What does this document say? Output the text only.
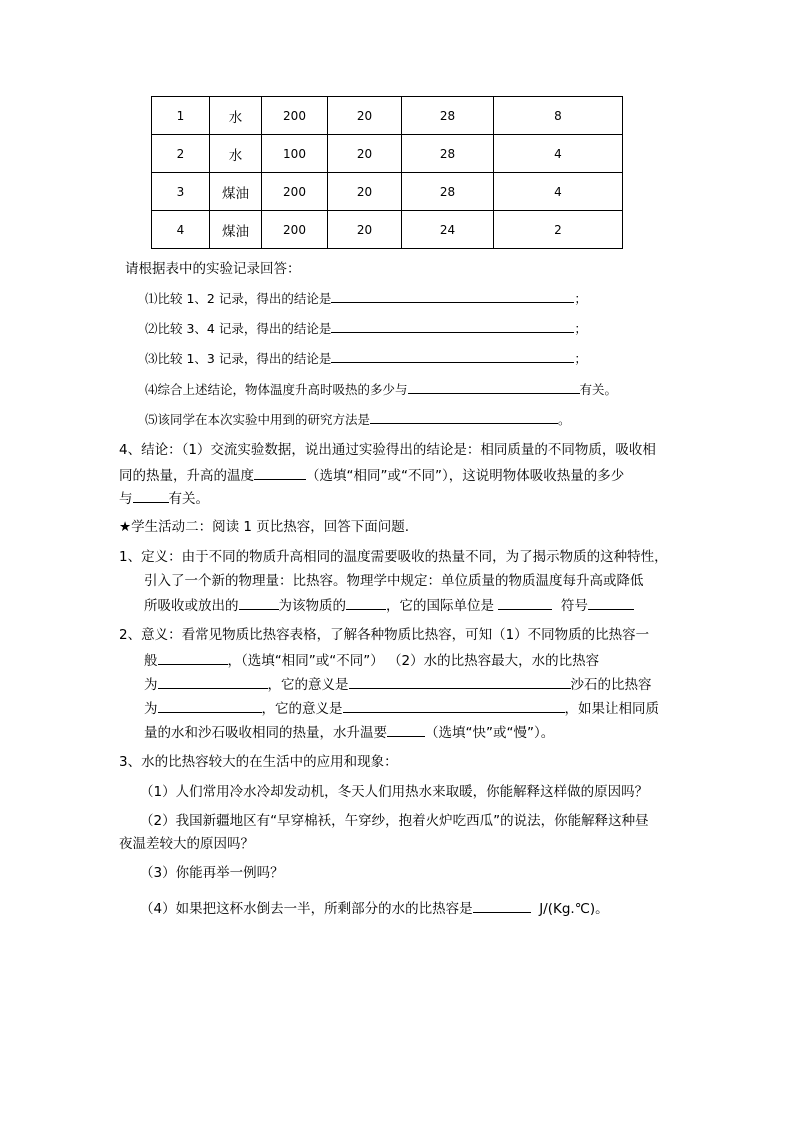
1	水	200	20	28	8
2	水	100	20	28	4
3	煤油	200	20	28	4
4	煤油	200	20	24	2
请根据表中的实验记录回答：
⑴比较 1、2 记录，得出的结论是	；
⑵比较 3、4 记录，得出的结论是	；
⑶比较 1、3 记录，得出的结论是	；
⑷综合上述结论，物体温度升高时吸热的多少与	有关。
⑸该同学在本次实验中用到的研究方法是	。
4、结论：（1）交流实验数据，说出通过实验得出的结论是：相同质量的不同物质，吸收相
同的热量，升高的温度	（选填“相同”或“不同”），这说明物体吸收热量的多少
与	有关。
★学生活动二：阅读 1 页比热容，回答下面问题.
1、定义：由于不同的物质升高相同的温度需要吸收的热量不同，为了揭示物质的这种特性，
引入了一个新的物理量：比热容。物理学中规定：单位质量的物质温度每升高或降低
所吸收或放出的	为该物质的	，它的国际单位是	符号
2、意义：看常见物质比热容表格，了解各种物质比热容，可知（1）不同物质的比热容一
般	，（选填“相同”或“不同”） （2）水的比热容最大，水的比热容
为	，它的意义是	沙石的比热容
为	，它的意义是	，如果让相同质
量的水和沙石吸收相同的热量，水升温要	（选填“快”或“慢”）。
3、水的比热容较大的在生活中的应用和现象：
（1）人们常用冷水冷却发动机，冬天人们用热水来取暖，你能解释这样做的原因吗？
（2）我国新疆地区有“早穿棉袄，午穿纱，抱着火炉吃西瓜”的说法，你能解释这种昼
夜温差较大的原因吗？
（3）你能再举一例吗？
（4）如果把这杯水倒去一半，所剩部分的水的比热容是	J/(Kg.℃)。
